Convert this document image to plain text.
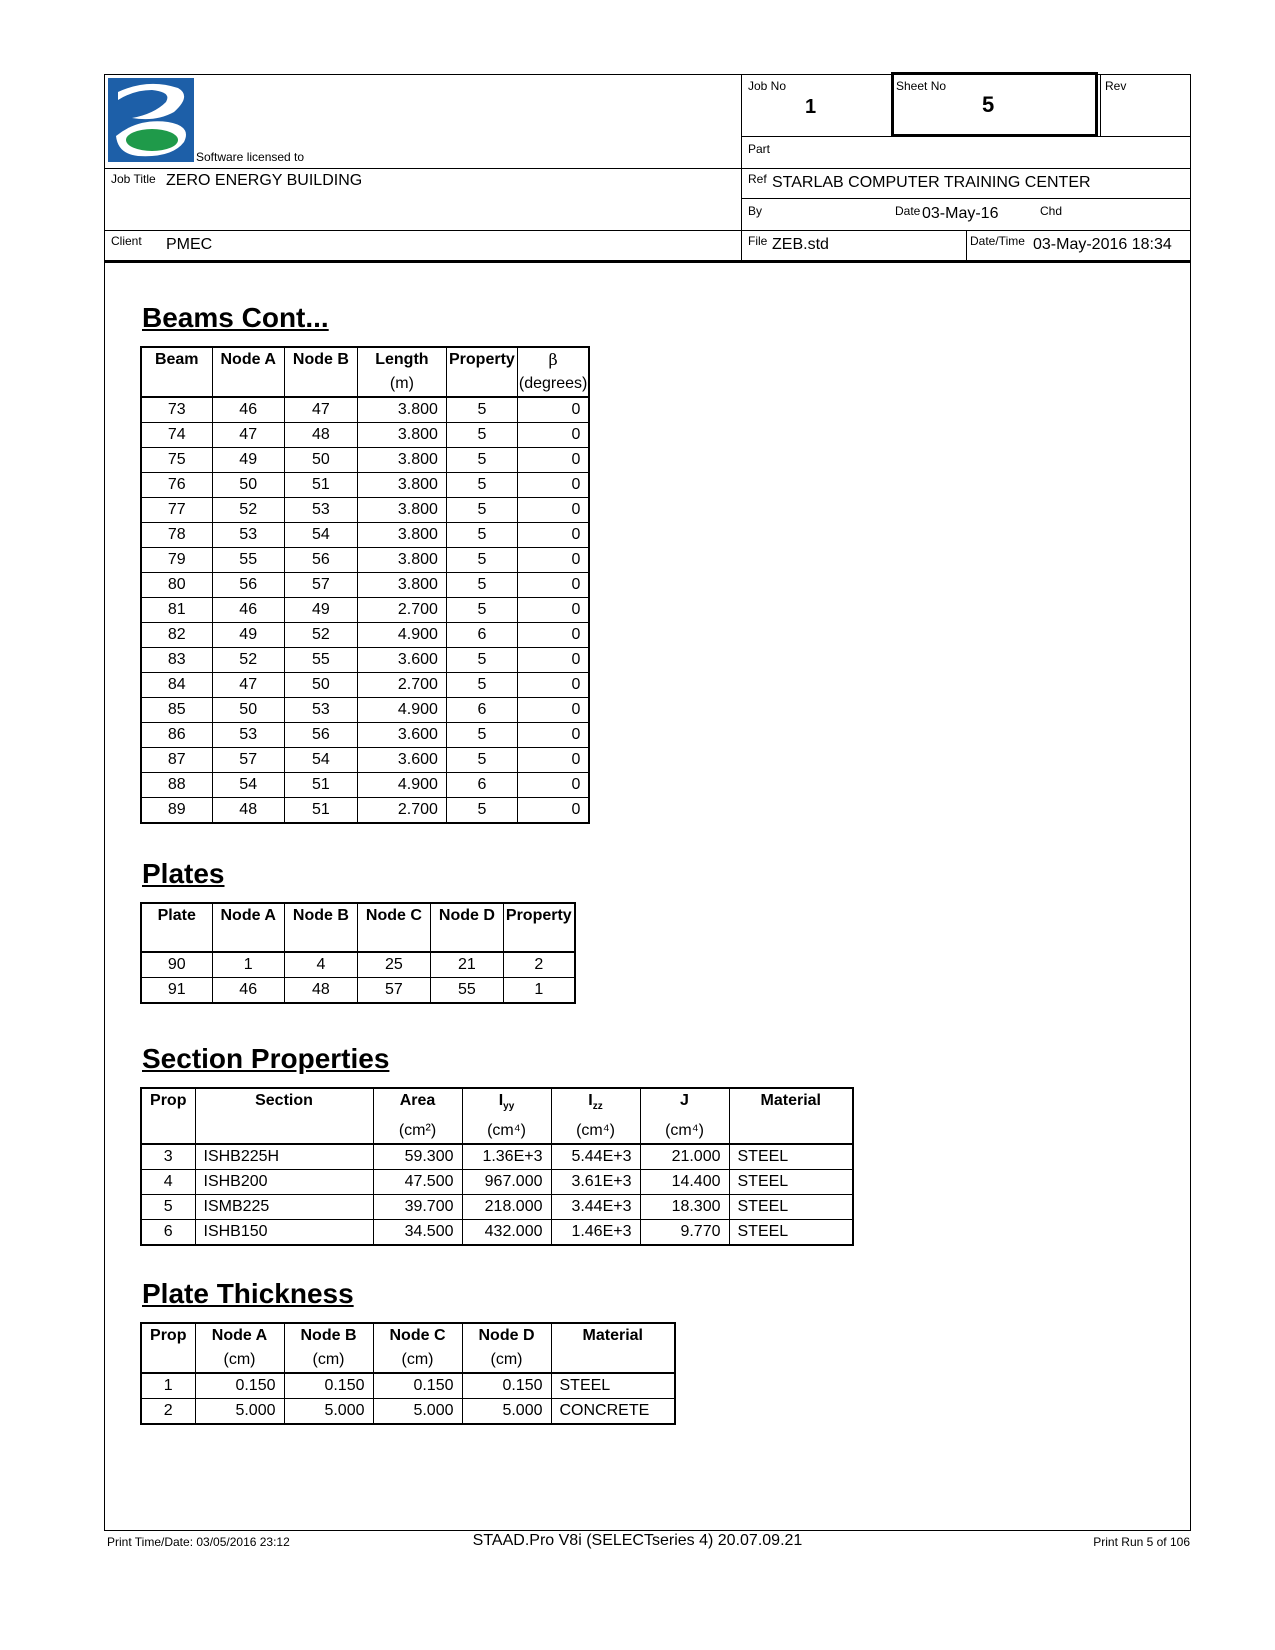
Software licensed to
Job No
1
Sheet No
5
Rev
Part
Job Title ZERO ENERGY BUILDING	Ref STARLAB COMPUTER TRAINING CENTER
By	Date 03-May-16	Chd
Client PMEC	File ZEB.std	Date/Time 03-May-2016 18:34
Beams Cont...
Beam	Node A	Node B	Length	Property	β
			(m)		(degrees)
73	46	47	3.800	5	0
74	47	48	3.800	5	0
75	49	50	3.800	5	0
76	50	51	3.800	5	0
77	52	53	3.800	5	0
78	53	54	3.800	5	0
79	55	56	3.800	5	0
80	56	57	3.800	5	0
81	46	49	2.700	5	0
82	49	52	4.900	6	0
83	52	55	3.600	5	0
84	47	50	2.700	5	0
85	50	53	4.900	6	0
86	53	56	3.600	5	0
87	57	54	3.600	5	0
88	54	51	4.900	6	0
89	48	51	2.700	5	0
Plates
Plate	Node A	Node B	Node C	Node D	Property

90	1	4	25	21	2
91	46	48	57	55	1
Section Properties
Prop	Section	Area	$I_{yy}$	$I_{zz}$	J	Material
		(cm²)	(cm⁴)	(cm⁴)	(cm⁴)	
3	ISHB225H	59.300	1.36E+3	5.44E+3	21.000	STEEL
4	ISHB200	47.500	967.000	3.61E+3	14.400	STEEL
5	ISMB225	39.700	218.000	3.44E+3	18.300	STEEL
6	ISHB150	34.500	432.000	1.46E+3	9.770	STEEL
Plate Thickness
Prop	Node A	Node B	Node C	Node D	Material
	(cm)	(cm)	(cm)	(cm)	
1	0.150	0.150	0.150	0.150	STEEL
2	5.000	5.000	5.000	5.000	CONCRETE
Print Time/Date: 03/05/2016 23:12	STAAD.Pro V8i (SELECTseries 4) 20.07.09.21	Print Run 5 of 106
